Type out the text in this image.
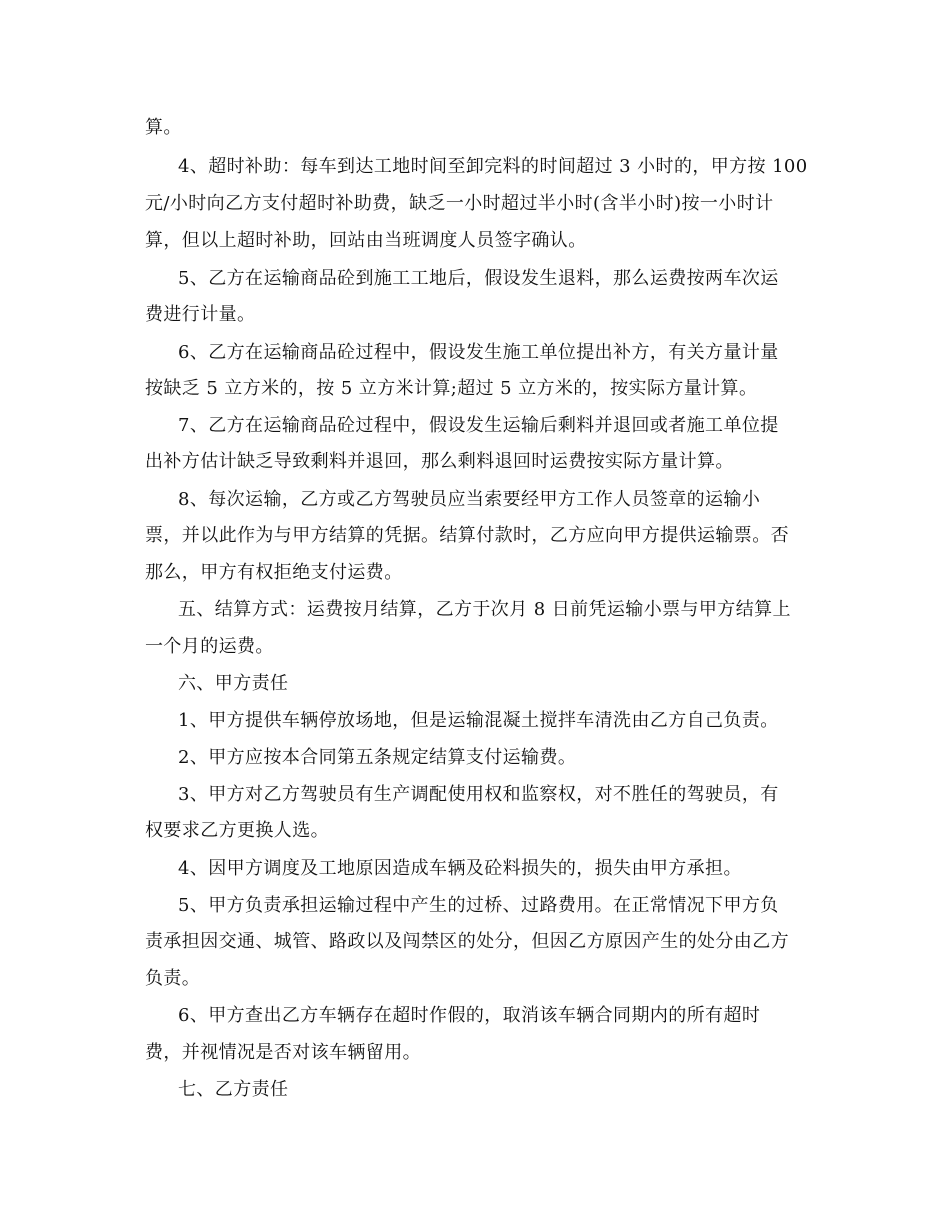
算。
4、超时补助：每车到达工地时间至卸完料的时间超过 3 小时的，甲方按 100
元/小时向乙方支付超时补助费，缺乏一小时超过半小时(含半小时)按一小时计
算，但以上超时补助，回站由当班调度人员签字确认。
5、乙方在运输商品砼到施工工地后，假设发生退料，那么运费按两车次运
费进行计量。
6、乙方在运输商品砼过程中，假设发生施工单位提出补方，有关方量计量
按缺乏 5 立方米的，按 5 立方米计算;超过 5 立方米的，按实际方量计算。
7、乙方在运输商品砼过程中，假设发生运输后剩料并退回或者施工单位提
出补方估计缺乏导致剩料并退回，那么剩料退回时运费按实际方量计算。
8、每次运输，乙方或乙方驾驶员应当索要经甲方工作人员签章的运输小
票，并以此作为与甲方结算的凭据。结算付款时，乙方应向甲方提供运输票。否
那么，甲方有权拒绝支付运费。
五、结算方式：运费按月结算，乙方于次月 8 日前凭运输小票与甲方结算上
一个月的运费。
六、甲方责任
1、甲方提供车辆停放场地，但是运输混凝土搅拌车清洗由乙方自己负责。
2、甲方应按本合同第五条规定结算支付运输费。
3、甲方对乙方驾驶员有生产调配使用权和监察权，对不胜任的驾驶员，有
权要求乙方更换人选。
4、因甲方调度及工地原因造成车辆及砼料损失的，损失由甲方承担。
5、甲方负责承担运输过程中产生的过桥、过路费用。在正常情况下甲方负
责承担因交通、城管、路政以及闯禁区的处分，但因乙方原因产生的处分由乙方
负责。
6、甲方查出乙方车辆存在超时作假的，取消该车辆合同期内的所有超时
费，并视情况是否对该车辆留用。
七、乙方责任
